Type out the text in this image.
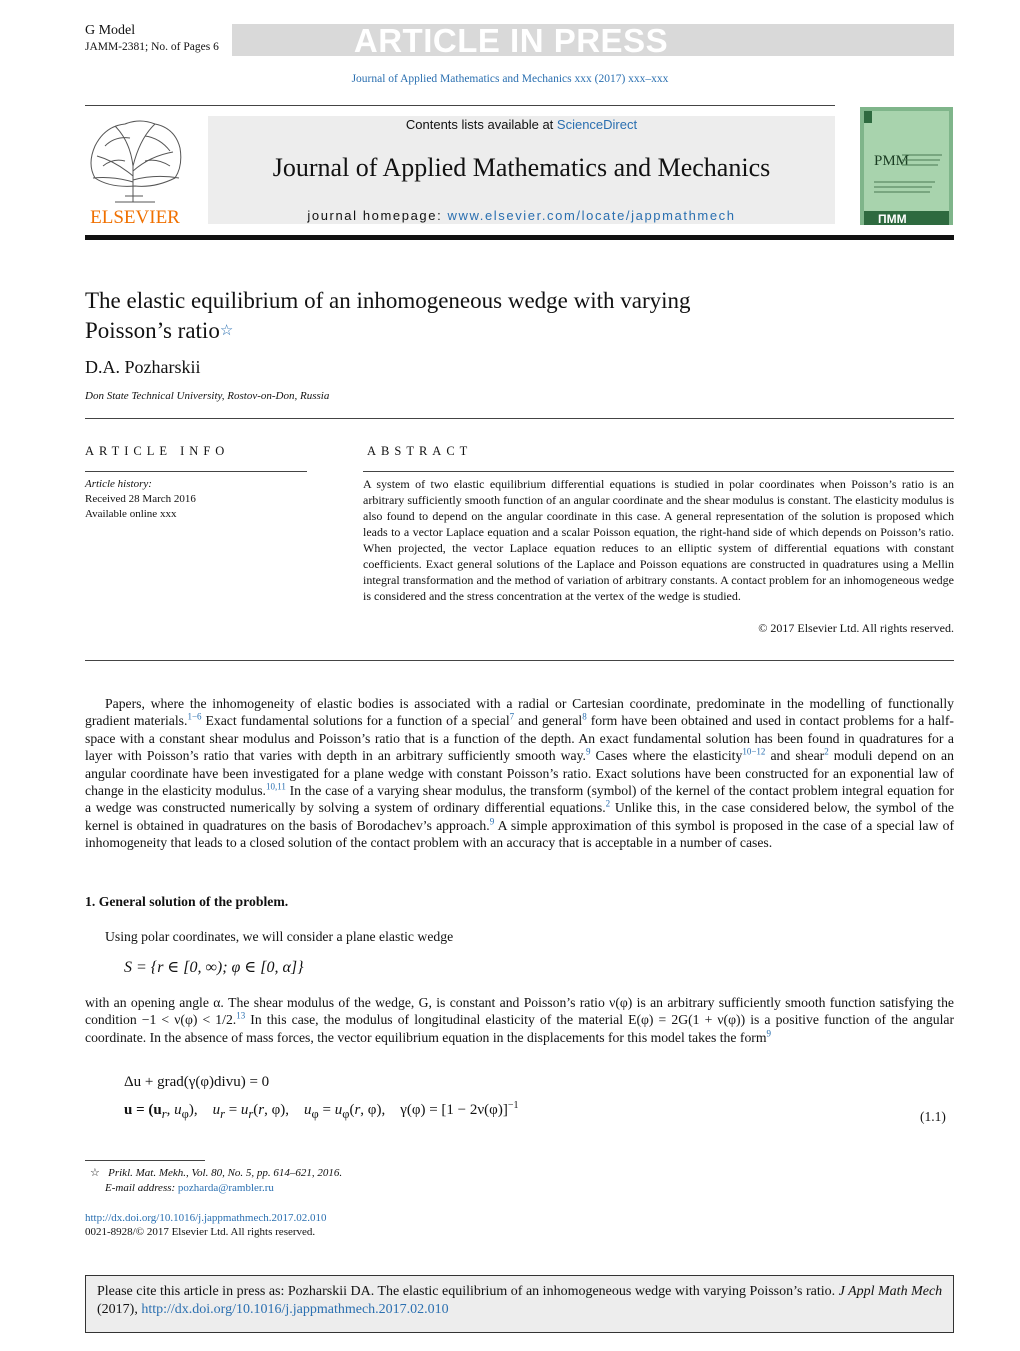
G Model
JAMM-2381; No. of Pages 6	ARTICLE IN PRESS
Journal of Applied Mathematics and Mechanics xxx (2017) xxx–xxx
ELSEVIER
Contents lists available at ScienceDirect
Journal of Applied Mathematics and Mechanics
journal homepage: www.elsevier.com/locate/jappmathmech
PMM
ПММ
The elastic equilibrium of an inhomogeneous wedge with varying
Poisson’s ratio☆
D.A. Pozharskii
Don State Technical University, Rostov-on-Don, Russia
ARTICLE INFO
Article history:
Received 28 March 2016
Available online xxx
ABSTRACT
A system of two elastic equilibrium differential equations is studied in polar coordinates when Poisson’s ratio is an arbitrary sufficiently smooth function of an angular coordinate and the shear modulus is constant. The elasticity modulus is also found to depend on the angular coordinate in this case. A general representation of the solution is proposed which leads to a vector Laplace equation and a scalar Poisson equation, the right-hand side of which depends on Poisson’s ratio. When projected, the vector Laplace equation reduces to an elliptic system of differential equations with constant coefficients. Exact general solutions of the Laplace and Poisson equations are constructed in quadratures using a Mellin integral transformation and the method of variation of arbitrary constants. A contact problem for an inhomogeneous wedge is considered and the stress concentration at the vertex of the wedge is studied.
© 2017 Elsevier Ltd. All rights reserved.
Papers, where the inhomogeneity of elastic bodies is associated with a radial or Cartesian coordinate, predominate in the modelling of functionally gradient materials.$^{1-6}$ Exact fundamental solutions for a function of a special$^7$ and general$^8$ form have been obtained and used in contact problems for a half-space with a constant shear modulus and Poisson’s ratio that is a function of the depth. An exact fundamental solution has been found in quadratures for a layer with Poisson’s ratio that varies with depth in an arbitrary sufficiently smooth way.$^9$ Cases where the elasticity$^{10-12}$ and shear$^2$ moduli depend on an angular coordinate have been investigated for a plane wedge with constant Poisson’s ratio. Exact solutions have been constructed for an exponential law of change in the elasticity modulus.$^{10,11}$ In the case of a varying shear modulus, the transform (symbol) of the kernel of the contact problem integral equation for a wedge was constructed numerically by solving a system of ordinary differential equations.$^2$ Unlike this, in the case considered below, the symbol of the kernel is obtained in quadratures on the basis of Borodachev’s approach.$^9$ A simple approximation of this symbol is proposed in the case of a special law of inhomogeneity that leads to a closed solution of the contact problem with an accuracy that is acceptable in a number of cases.
1. General solution of the problem.
Using polar coordinates, we will consider a plane elastic wedge
S = {r ∈ [0, ∞); φ ∈ [0, α]}
with an opening angle α. The shear modulus of the wedge, G, is constant and Poisson’s ratio ν(φ) is an arbitrary sufficiently smooth function satisfying the condition −1 < ν(φ) < 1/2.13 In this case, the modulus of longitudinal elasticity of the material E(φ) = 2G(1 + ν(φ)) is a positive function of the angular coordinate. In the absence of mass forces, the vector equilibrium equation in the displacements for this model takes the form$^9$
Δu + grad(γ(φ)divu) = 0
$u = (u_r$, $u_\varphi$),    $u_r = u_r(r$, φ),    $u_\varphi = u_\varphi(r$, φ),    $\gamma(\varphi) = [1 - 2\nu(\varphi)]^{-1}$
(1.1)
☆ Prikl. Mat. Mekh., Vol. 80, No. 5, pp. 614–621, 2016.
E-mail address: pozharda@rambler.ru
http://dx.doi.org/10.1016/j.jappmathmech.2017.02.010
0021-8928/© 2017 Elsevier Ltd. All rights reserved.
Please cite this article in press as: Pozharskii DA. The elastic equilibrium of an inhomogeneous wedge with varying Poisson’s ratio. J Appl Math Mech (2017), http://dx.doi.org/10.1016/j.jappmathmech.2017.02.010
